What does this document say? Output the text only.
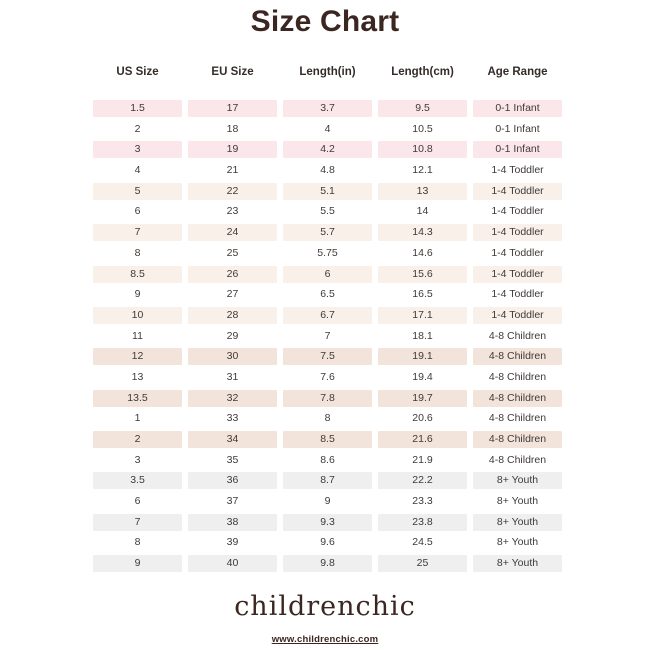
Size Chart
US Size	EU Size	Length(in)	Length(cm)	Age Range
1.5	17	3.7	9.5	0-1 Infant
2	18	4	10.5	0-1 Infant
3	19	4.2	10.8	0-1 Infant
4	21	4.8	12.1	1-4 Toddler
5	22	5.1	13	1-4 Toddler
6	23	5.5	14	1-4 Toddler
7	24	5.7	14.3	1-4 Toddler
8	25	5.75	14.6	1-4 Toddler
8.5	26	6	15.6	1-4 Toddler
9	27	6.5	16.5	1-4 Toddler
10	28	6.7	17.1	1-4 Toddler
11	29	7	18.1	4-8 Children
12	30	7.5	19.1	4-8 Children
13	31	7.6	19.4	4-8 Children
13.5	32	7.8	19.7	4-8 Children
1	33	8	20.6	4-8 Children
2	34	8.5	21.6	4-8 Children
3	35	8.6	21.9	4-8 Children
3.5	36	8.7	22.2	8+ Youth
6	37	9	23.3	8+ Youth
7	38	9.3	23.8	8+ Youth
8	39	9.6	24.5	8+ Youth
9	40	9.8	25	8+ Youth
childrenchic
www.childrenchic.com
